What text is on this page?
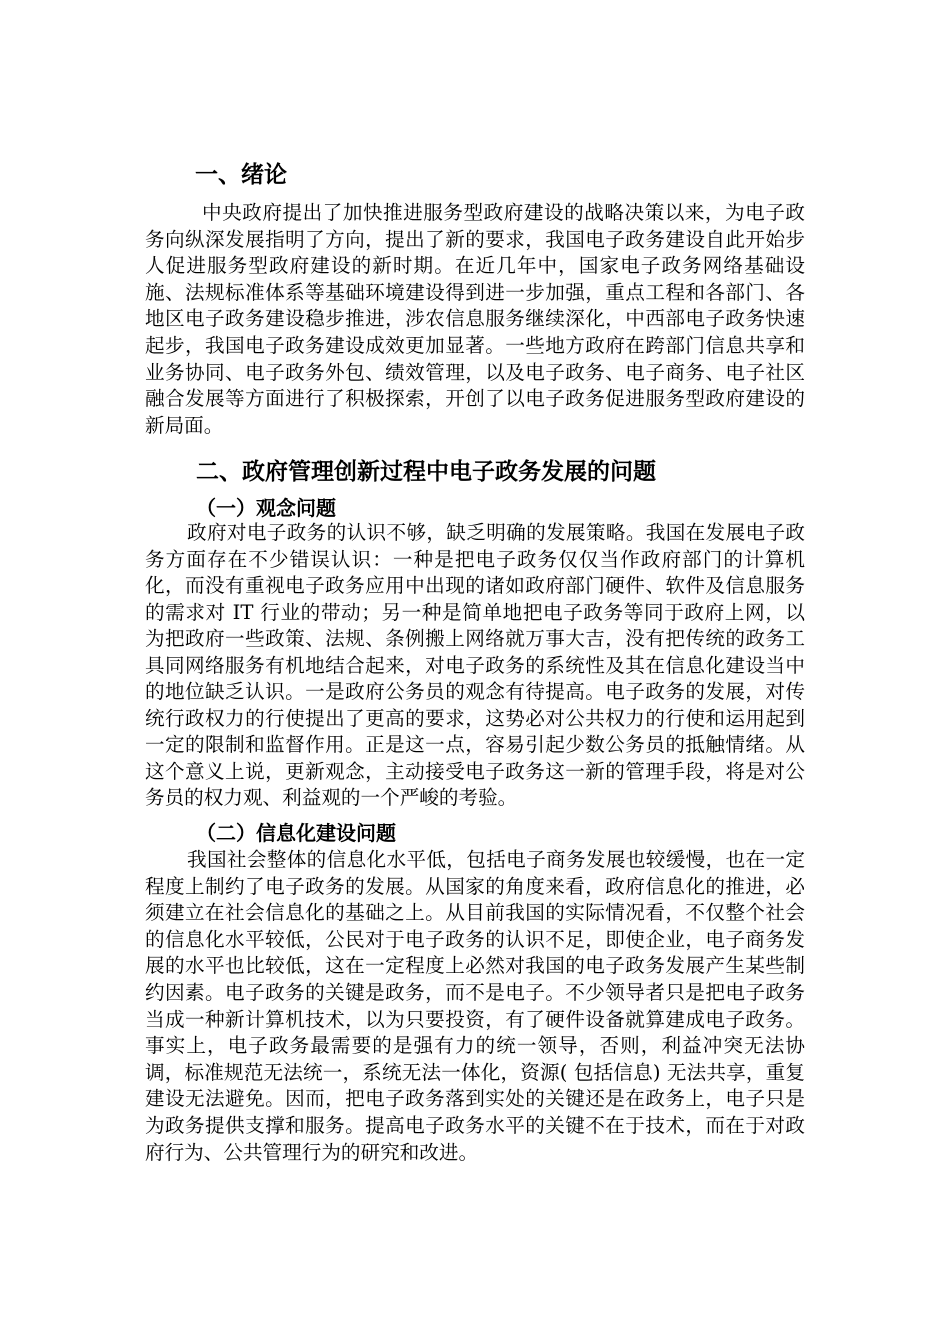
一、绪论

中央政府提出了加快推进服务型政府建设的战略决策以来，为电子政务向纵深发展指明了方向，提出了新的要求，我国电子政务建设自此开始步人促进服务型政府建设的新时期。在近几年中，国家电子政务网络基础设施、法规标准体系等基础环境建设得到进一步加强，重点工程和各部门、各地区电子政务建设稳步推进，涉农信息服务继续深化，中西部电子政务快速起步，我国电子政务建设成效更加显著。一些地方政府在跨部门信息共享和业务协同、电子政务外包、绩效管理，以及电子政务、电子商务、电子社区融合发展等方面进行了积极探索，开创了以电子政务促进服务型政府建设的新局面。

二、政府管理创新过程中电子政务发展的问题
（一）观念问题

政府对电子政务的认识不够，缺乏明确的发展策略。我国在发展电子政务方面存在不少错误认识：一种是把电子政务仅仅当作政府部门的计算机化，而没有重视电子政务应用中出现的诸如政府部门硬件、软件及信息服务的需求对 IT 行业的带动；另一种是简单地把电子政务等同于政府上网，以为把政府一些政策、法规、条例搬上网络就万事大吉，没有把传统的政务工具同网络服务有机地结合起来，对电子政务的系统性及其在信息化建设当中的地位缺乏认识。一是政府公务员的观念有待提高。电子政务的发展，对传统行政权力的行使提出了更高的要求，这势必对公共权力的行使和运用起到一定的限制和监督作用。正是这一点，容易引起少数公务员的抵触情绪。从这个意义上说，更新观念，主动接受电子政务这一新的管理手段，将是对公务员的权力观、利益观的一个严峻的考验。

（二）信息化建设问题

我国社会整体的信息化水平低，包括电子商务发展也较缓慢，也在一定程度上制约了电子政务的发展。从国家的角度来看，政府信息化的推进，必须建立在社会信息化的基础之上。从目前我国的实际情况看，不仅整个社会的信息化水平较低，公民对于电子政务的认识不足，即使企业，电子商务发展的水平也比较低，这在一定程度上必然对我国的电子政务发展产生某些制约因素。电子政务的关键是政务，而不是电子。不少领导者只是把电子政务当成一种新计算机技术，以为只要投资，有了硬件设备就算建成电子政务。事实上，电子政务最需要的是强有力的统一领导，否则，利益冲突无法协调，标准规范无法统一，系统无法一体化，资源( 包括信息) 无法共享，重复建设无法避免。因而，把电子政务落到实处的关键还是在政务上，电子只是为政务提供支撑和服务。提高电子政务水平的关键不在于技术，而在于对政府行为、公共管理行为的研究和改进。
